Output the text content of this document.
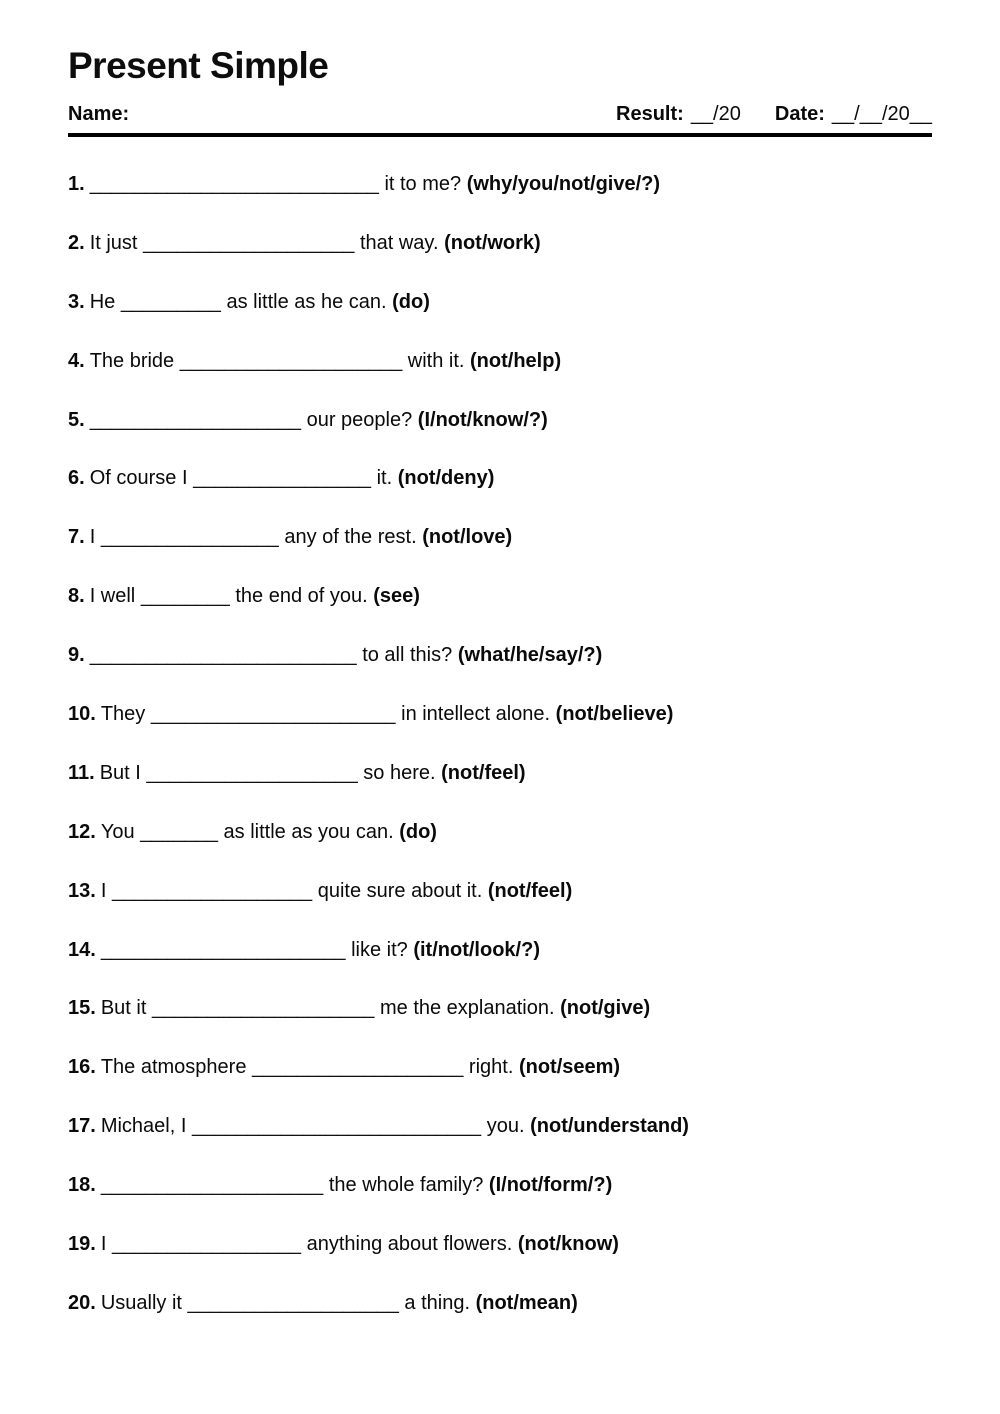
Present Simple
Name:	Result: __/20 Date: __/__/20__
1. __________________________ it to me? (why/you/not/give/?)
2. It just ___________________ that way. (not/work)
3. He _________ as little as he can. (do)
4. The bride ____________________ with it. (not/help)
5. ___________________ our people? (I/not/know/?)
6. Of course I ________________ it. (not/deny)
7. I ________________ any of the rest. (not/love)
8. I well ________ the end of you. (see)
9. ________________________ to all this? (what/he/say/?)
10. They ______________________ in intellect alone. (not/believe)
11. But I ___________________ so here. (not/feel)
12. You _______ as little as you can. (do)
13. I __________________ quite sure about it. (not/feel)
14. ______________________ like it? (it/not/look/?)
15. But it ____________________ me the explanation. (not/give)
16. The atmosphere ___________________ right. (not/seem)
17. Michael, I __________________________ you. (not/understand)
18. ____________________ the whole family? (I/not/form/?)
19. I _________________ anything about flowers. (not/know)
20. Usually it ___________________ a thing. (not/mean)
